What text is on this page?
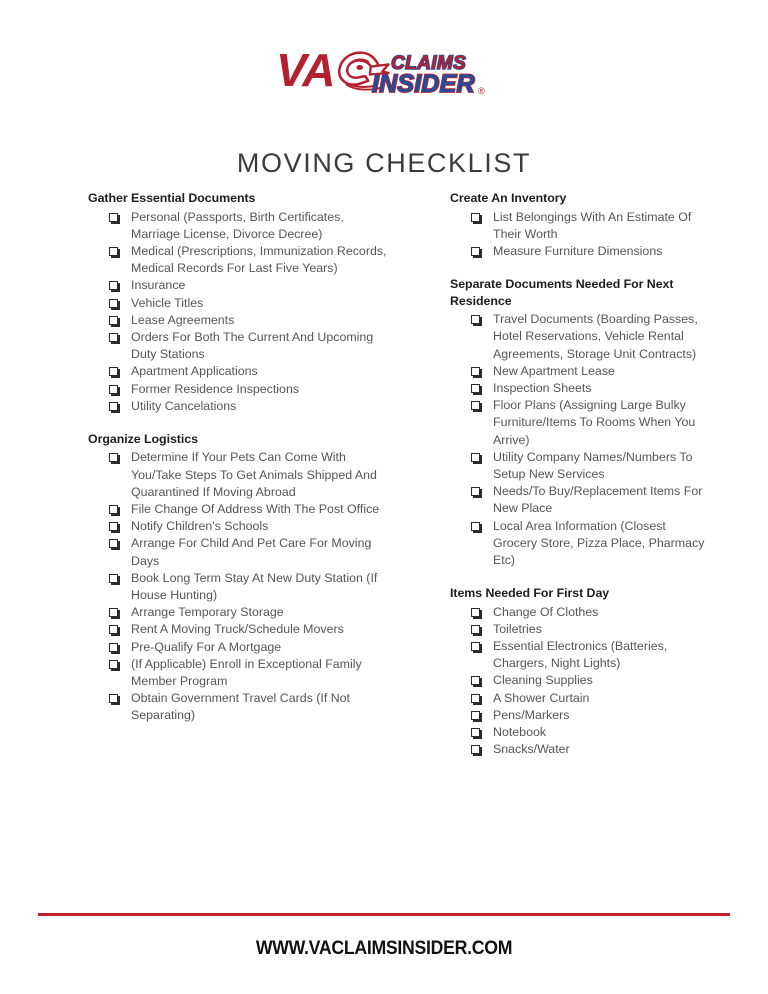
VA	CLAIMS
INSIDER ®
MOVING CHECKLIST
Gather Essential Documents
Personal (Passports, Birth Certificates, Marriage License, Divorce Decree)
Medical (Prescriptions, Immunization Records, Medical Records For Last Five Years)
Insurance
Vehicle Titles
Lease Agreements
Orders For Both The Current And Upcoming Duty Stations
Apartment Applications
Former Residence Inspections
Utility Cancelations
Organize Logistics
Determine If Your Pets Can Come With You/Take Steps To Get Animals Shipped And Quarantined If Moving Abroad
File Change Of Address With The Post Office
Notify Children's Schools
Arrange For Child And Pet Care For Moving Days
Book Long Term Stay At New Duty Station (If House Hunting)
Arrange Temporary Storage
Rent A Moving Truck/Schedule Movers
Pre-Qualify For A Mortgage
(If Applicable) Enroll in Exceptional Family Member Program
Obtain Government Travel Cards (If Not Separating)
Create An Inventory
List Belongings With An Estimate Of Their Worth
Measure Furniture Dimensions
Separate Documents Needed For Next Residence
Travel Documents (Boarding Passes, Hotel Reservations, Vehicle Rental Agreements, Storage Unit Contracts)
New Apartment Lease
Inspection Sheets
Floor Plans (Assigning Large Bulky Furniture/Items To Rooms When You Arrive)
Utility Company Names/Numbers To Setup New Services
Needs/To Buy/Replacement Items For New Place
Local Area Information (Closest Grocery Store, Pizza Place, Pharmacy Etc)
Items Needed For First Day
Change Of Clothes
Toiletries
Essential Electronics (Batteries, Chargers, Night Lights)
Cleaning Supplies
A Shower Curtain
Pens/Markers
Notebook
Snacks/Water
WWW.VACLAIMSINSIDER.COM
